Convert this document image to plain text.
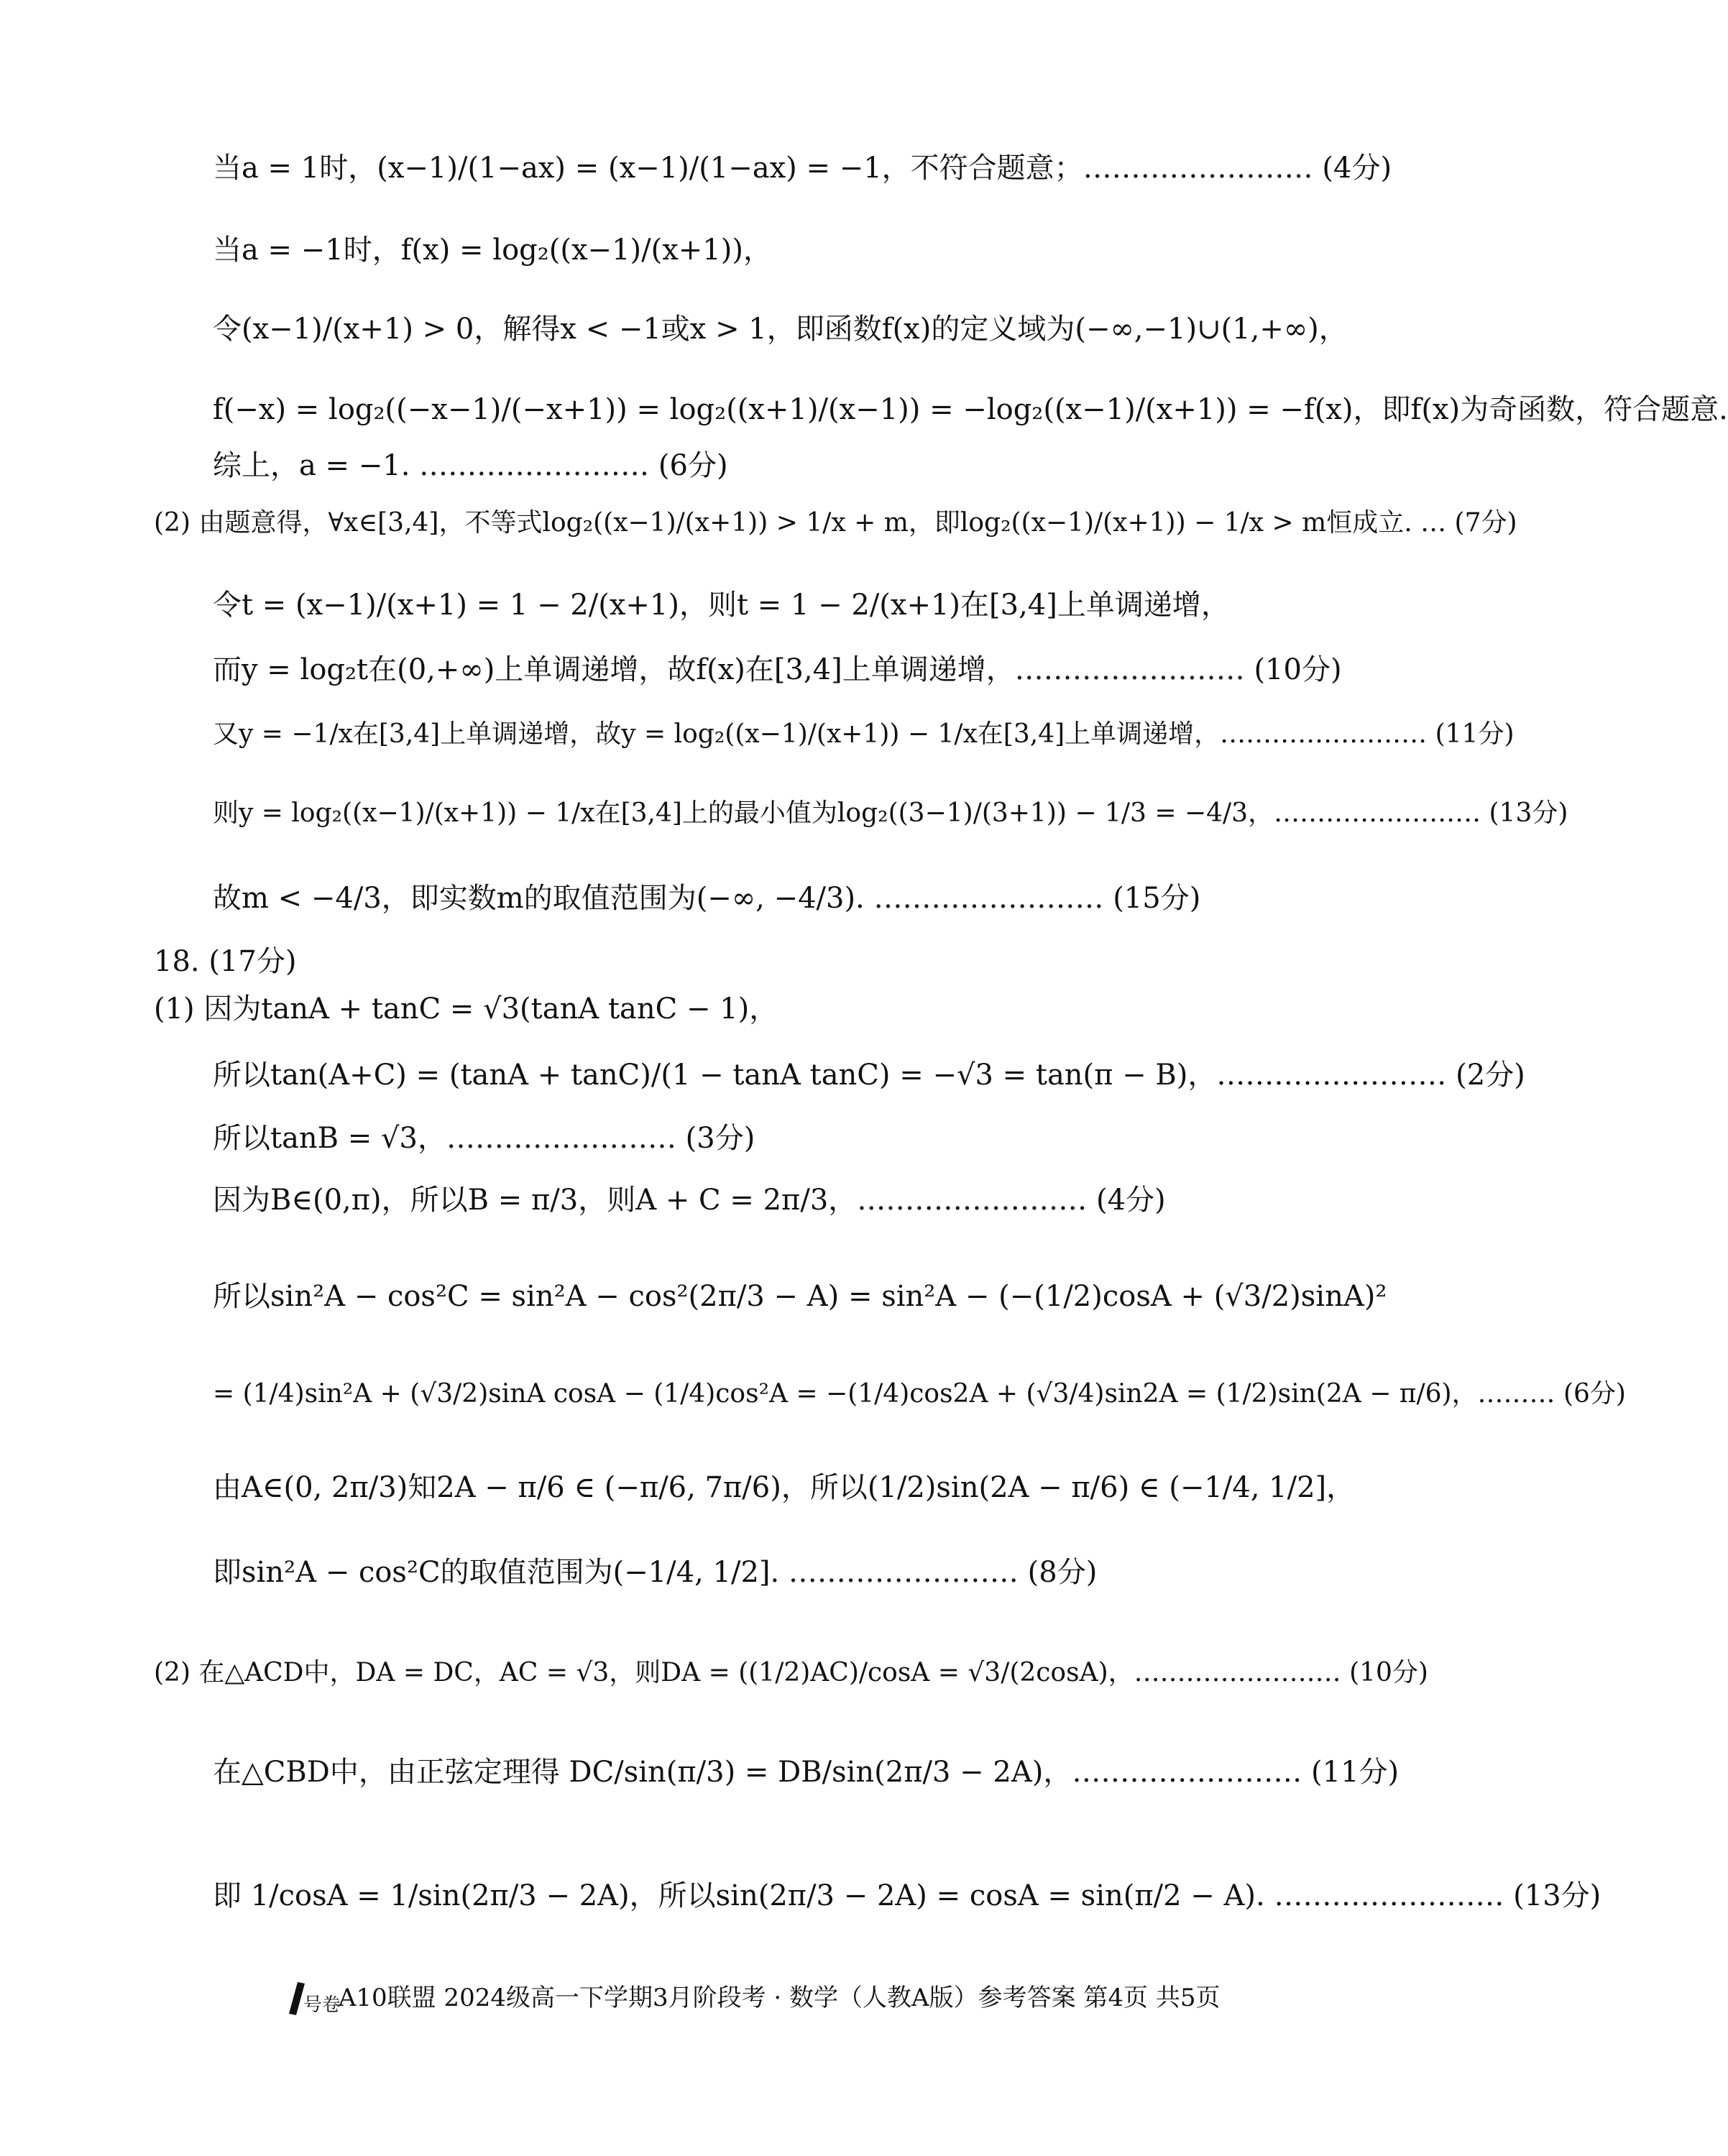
当a = 1时，(x−1)/(1−ax) = (x−1)/(1−ax) = −1，不符合题意；…………………… (4分)
当a = −1时，f(x) = log₂((x−1)/(x+1))，
令(x−1)/(x+1) > 0，解得x < −1或x > 1，即函数f(x)的定义域为(−∞,−1)∪(1,+∞)，
f(−x) = log₂((−x−1)/(−x+1)) = log₂((x+1)/(x−1)) = −log₂((x−1)/(x+1)) = −f(x)，即f(x)为奇函数，符合题意.
综上，a = −1. …………………… (6分)
(2) 由题意得，∀x∈[3,4]，不等式log₂((x−1)/(x+1)) > 1/x + m，即log₂((x−1)/(x+1)) − 1/x > m恒成立. … (7分)
令t = (x−1)/(x+1) = 1 − 2/(x+1)，则t = 1 − 2/(x+1)在[3,4]上单调递增，
而y = log₂t在(0,+∞)上单调递增，故f(x)在[3,4]上单调递增，…………………… (10分)
又y = −1/x在[3,4]上单调递增，故y = log₂((x−1)/(x+1)) − 1/x在[3,4]上单调递增，…………………… (11分)
则y = log₂((x−1)/(x+1)) − 1/x在[3,4]上的最小值为log₂((3−1)/(3+1)) − 1/3 = −4/3，…………………… (13分)
故m < −4/3，即实数m的取值范围为(−∞, −4/3). …………………… (15分)
18. (17分)
(1) 因为tanA + tanC = √3(tanA tanC − 1)，
所以tan(A+C) = (tanA + tanC)/(1 − tanA tanC) = −√3 = tan(π − B)，…………………… (2分)
所以tanB = √3，…………………… (3分)
因为B∈(0,π)，所以B = π/3，则A + C = 2π/3，…………………… (4分)
所以sin²A − cos²C = sin²A − cos²(2π/3 − A) = sin²A − (−(1/2)cosA + (√3/2)sinA)²
= (1/4)sin²A + (√3/2)sinA cosA − (1/4)cos²A = −(1/4)cos2A + (√3/4)sin2A = (1/2)sin(2A − π/6)，……… (6分)
由A∈(0, 2π/3)知2A − π/6 ∈ (−π/6, 7π/6)，所以(1/2)sin(2A − π/6) ∈ (−1/4, 1/2]，
即sin²A − cos²C的取值范围为(−1/4, 1/2]. …………………… (8分)
(2) 在△ACD中，DA = DC，AC = √3，则DA = ((1/2)AC)/cosA = √3/(2cosA)，…………………… (10分)
在△CBD中，由正弦定理得 DC/sin(π/3) = DB/sin(2π/3 − 2A)，…………………… (11分)
即 1/cosA = 1/sin(2π/3 − 2A)，所以sin(2π/3 − 2A) = cosA = sin(π/2 − A). …………………… (13分)
号卷
A10联盟 2024级高一下学期3月阶段考 · 数学（人教A版）参考答案 第4页 共5页
